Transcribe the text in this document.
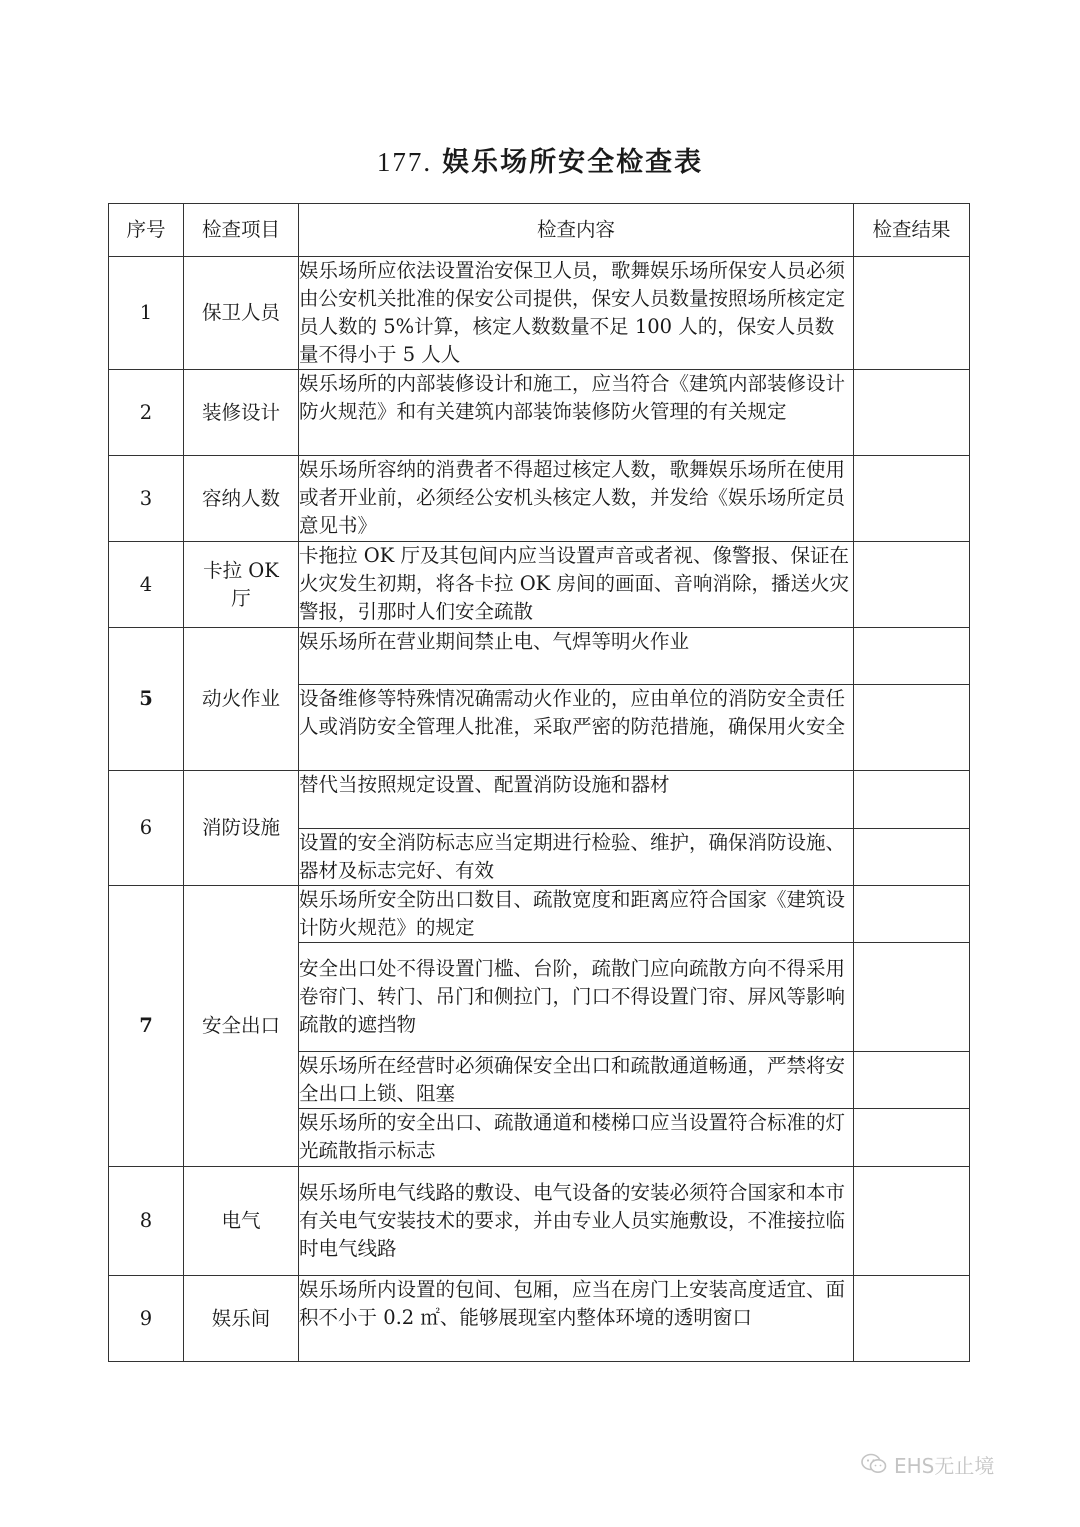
177. 娱乐场所安全检查表
序号	检查项目	检查内容	检查结果
1	保卫人员	娱乐场所应依法设置治安保卫人员，歌舞娱乐场所保安人员必须由公安机关批准的保安公司提供，保安人员数量按照场所核定定员人数的 5%计算，核定人数数量不足 100 人的，保安人员数量不得小于 5 人人	
2	装修设计	娱乐场所的内部装修设计和施工，应当符合《建筑内部装修设计防火规范》和有关建筑内部装饰装修防火管理的有关规定	
3	容纳人数	娱乐场所容纳的消费者不得超过核定人数，歌舞娱乐场所在使用或者开业前，必须经公安机头核定人数，并发给《娱乐场所定员意见书》	
4	卡拉 OK 厅	卡拖拉 OK 厅及其包间内应当设置声音或者视、像警报、保证在火灾发生初期，将各卡拉 OK 房间的画面、音响消除，播送火灾警报，引那时人们安全疏散	
5	动火作业	娱乐场所在营业期间禁止电、气焊等明火作业	
		设备维修等特殊情况确需动火作业的，应由单位的消防安全责任人或消防安全管理人批准，采取严密的防范措施，确保用火安全	
6	消防设施	替代当按照规定设置、配置消防设施和器材	
		设置的安全消防标志应当定期进行检验、维护，确保消防设施、器材及标志完好、有效	
7	安全出口	娱乐场所安全防出口数目、疏散宽度和距离应符合国家《建筑设计防火规范》的规定	
		安全出口处不得设置门槛、台阶，疏散门应向疏散方向不得采用卷帘门、转门、吊门和侧拉门，门口不得设置门帘、屏风等影响疏散的遮挡物	
		娱乐场所在经营时必须确保安全出口和疏散通道畅通，严禁将安全出口上锁、阻塞	
		娱乐场所的安全出口、疏散通道和楼梯口应当设置符合标准的灯光疏散指示标志	
8	电气	娱乐场所电气线路的敷设、电气设备的安装必须符合国家和本市有关电气安装技术的要求，并由专业人员实施敷设，不准接拉临时电气线路	
9	娱乐间	娱乐场所内设置的包间、包厢，应当在房门上安装高度适宜、面积不小于 0.2 ㎡、能够展现室内整体环境的透明窗口	
EHS无止境
